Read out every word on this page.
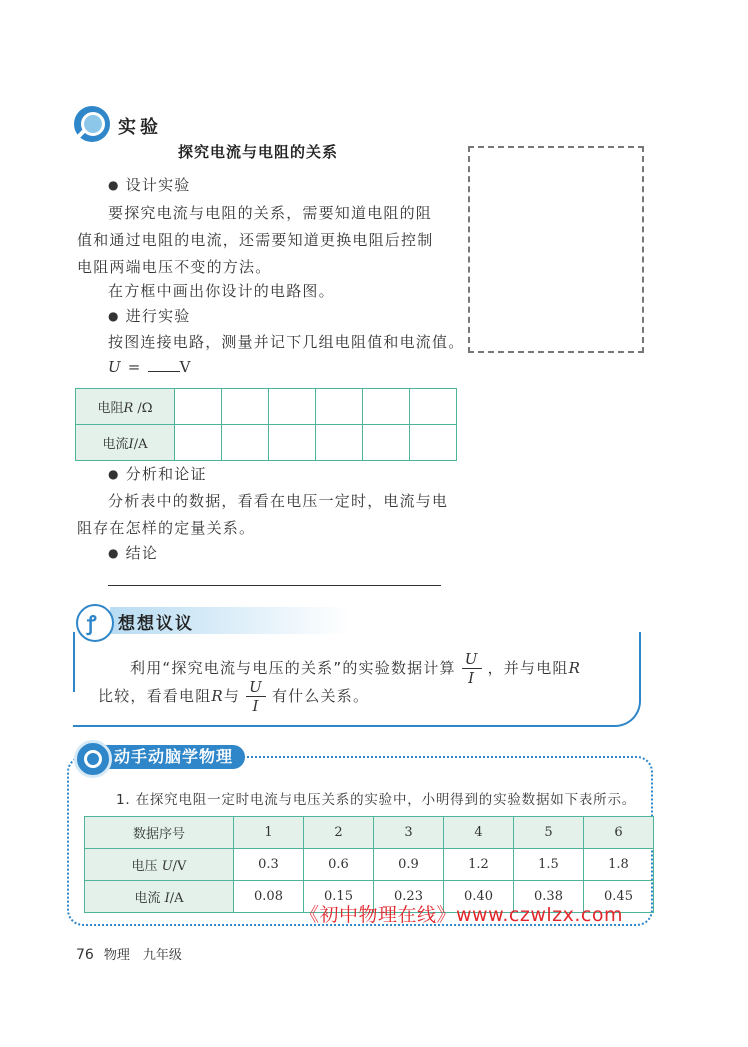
实验
探究电流与电阻的关系
● 设计实验
要探究电流与电阻的关系，需要知道电阻的阻
值和通过电阻的电流，还需要知道更换电阻后控制
电阻两端电压不变的方法。
在方框中画出你设计的电路图。
● 进行实验
按图连接电路，测量并记下几组电阻值和电流值。
U = V
电阻R /Ω						
电流I/A						
● 分析和论证
分析表中的数据，看看在电压一定时，电流与电
阻存在怎样的定量关系。
● 结论
ꝭ 想想议议
利用“探究电流与电压的关系”的实验数据计算 $\frac{U}{I}$ ，并与电阻R
比较，看看电阻R与 $\frac{U}{I}$ 有什么关系。
动手动脑学物理
1. 在探究电阻一定时电流与电压关系的实验中，小明得到的实验数据如下表所示。
数据序号	1	2	3	4	5	6
电压 U/V	0.3	0.6	0.9	1.2	1.5	1.8
电流 I/A	0.08	0.15	0.23	0.40	0.38	0.45
《初中物理在线》www.czwlzx.com
76 物理　九年级
